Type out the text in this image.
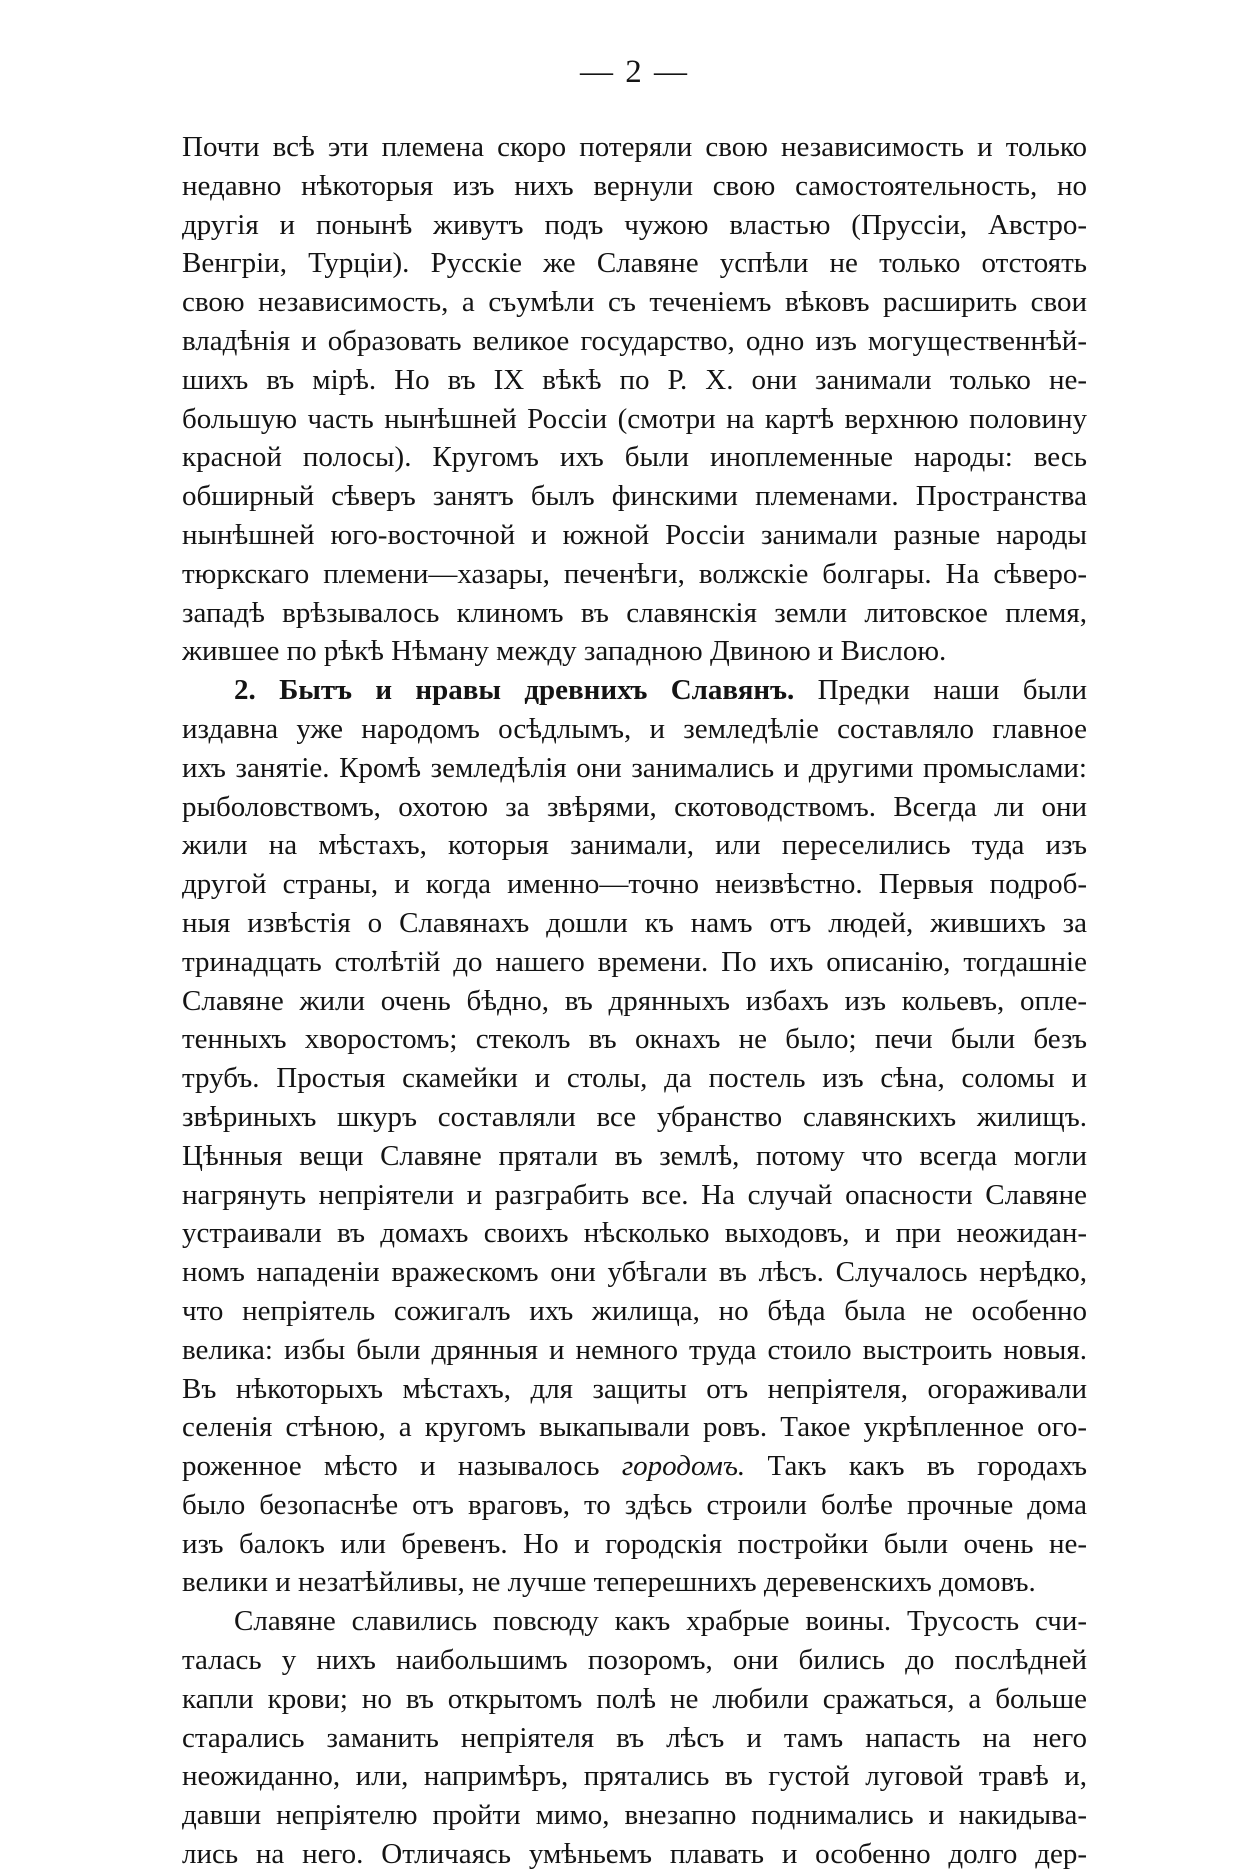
— 2 —
Почти всѣ эти племена скоро потеряли свою независимость и только
недавно нѣкоторыя изъ нихъ вернули свою самостоятельность, но
другія и понынѣ живутъ подъ чужою властью (Пруссіи, Австро-
Венгріи, Турціи). Русскіе же Славяне успѣли не только отстоять
свою независимость, а съумѣли съ теченіемъ вѣковъ расширить свои
владѣнія и образовать великое государство, одно изъ могущественнѣй-
шихъ въ мірѣ. Но въ IX вѣкѣ по Р. Х. они занимали только не-
большую часть нынѣшней Россіи (смотри на картѣ верхнюю половину
красной полосы). Кругомъ ихъ были иноплеменные народы: весь
обширный сѣверъ занятъ былъ финскими племенами. Пространства
нынѣшней юго-восточной и южной Россіи занимали разные народы
тюркскаго племени—хазары, печенѣги, волжскіе болгары. На сѣверо-
западѣ врѣзывалось клиномъ въ славянскія земли литовское племя,
жившее по рѣкѣ Нѣману между западною Двиною и Вислою.
2. Бытъ и нравы древнихъ Славянъ. Предки наши были
издавна уже народомъ осѣдлымъ, и земледѣліе составляло главное
ихъ занятіе. Кромѣ земледѣлія они занимались и другими промыслами:
рыболовствомъ, охотою за звѣрями, скотоводствомъ. Всегда ли они
жили на мѣстахъ, которыя занимали, или переселились туда изъ
другой страны, и когда именно—точно неизвѣстно. Первыя подроб-
ныя извѣстія о Славянахъ дошли къ намъ отъ людей, жившихъ за
тринадцать столѣтій до нашего времени. По ихъ описанію, тогдашніе
Славяне жили очень бѣдно, въ дрянныхъ избахъ изъ кольевъ, опле-
тенныхъ хворостомъ; стеколъ въ окнахъ не было; печи были безъ
трубъ. Простыя скамейки и столы, да постель изъ сѣна, соломы и
звѣриныхъ шкуръ составляли все убранство славянскихъ жилищъ.
Цѣнныя вещи Славяне прятали въ землѣ, потому что всегда могли
нагрянуть непріятели и разграбить все. На случай опасности Славяне
устраивали въ домахъ своихъ нѣсколько выходовъ, и при неожидан-
номъ нападеніи вражескомъ они убѣгали въ лѣсъ. Случалось нерѣдко,
что непріятель сожигалъ ихъ жилища, но бѣда была не особенно
велика: избы были дрянныя и немного труда стоило выстроить новыя.
Въ нѣкоторыхъ мѣстахъ, для защиты отъ непріятеля, огораживали
селенія стѣною, а кругомъ выкапывали ровъ. Такое укрѣпленное ого-
роженное мѣсто и называлось городомъ. Такъ какъ въ городахъ
было безопаснѣе отъ враговъ, то здѣсь строили болѣе прочные дома
изъ балокъ или бревенъ. Но и городскія постройки были очень не-
велики и незатѣйливы, не лучше теперешнихъ деревенскихъ домовъ.
Славяне славились повсюду какъ храбрые воины. Трусость счи-
талась у нихъ наибольшимъ позоромъ, они бились до послѣдней
капли крови; но въ открытомъ полѣ не любили сражаться, а больше
старались заманить непріятеля въ лѣсъ и тамъ напасть на него
неожиданно, или, напримѣръ, прятались въ густой луговой травѣ и,
давши непріятелю пройти мимо, внезапно поднимались и накидыва-
лись на него. Отличаясь умѣньемъ плавать и особенно долго дер-
